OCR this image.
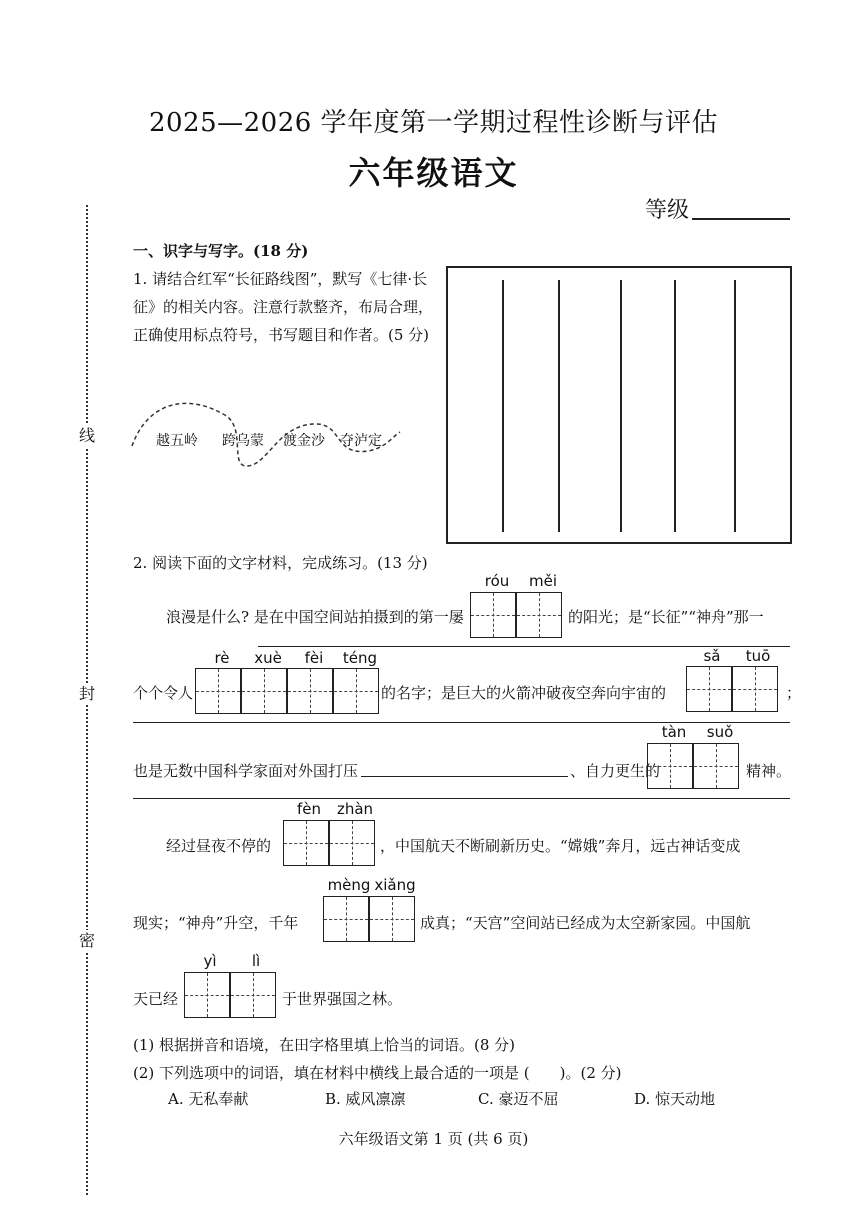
线
封
密
2025—2026 学年度第一学期过程性诊断与评估
六年级语文
等级
一、识字与写字。(18 分)
1. 请结合红军“长征路线图”，默写《七律·长征》的相关内容。注意行款整齐，布局合理，正确使用标点符号，书写题目和作者。(5 分)
越五岭 跨乌蒙 渡金沙 夺泸定
2. 阅读下面的文字材料，完成练习。(13 分)
róu	měi
浪漫是什么? 是在中国空间站拍摄到的第一屡	的阳光；是“长征”“神舟”那一
rè	xuè	fèi	téng	sǎ	tuō
个个令人	的名字；是巨大的火箭冲破夜空奔向宇宙的	；
tàn	suǒ
也是无数中国科学家面对外国打压	、自力更生的	精神。
fèn	zhàn
经过昼夜不停的	，中国航天不断刷新历史。“嫦娥”奔月，远古神话变成
mèng xiǎng
现实；“神舟”升空，千年	成真；“天宫”空间站已经成为太空新家园。中国航
yì	lì
天已经	于世界强国之林。
(1) 根据拼音和语境，在田字格里填上恰当的词语。(8 分)
(2) 下列选项中的词语，填在材料中横线上最合适的一项是 (　　)。(2 分)
A. 无私奉献	B. 威风凛凛	C. 豪迈不屈	D. 惊天动地
六年级语文第 1 页 (共 6 页)
